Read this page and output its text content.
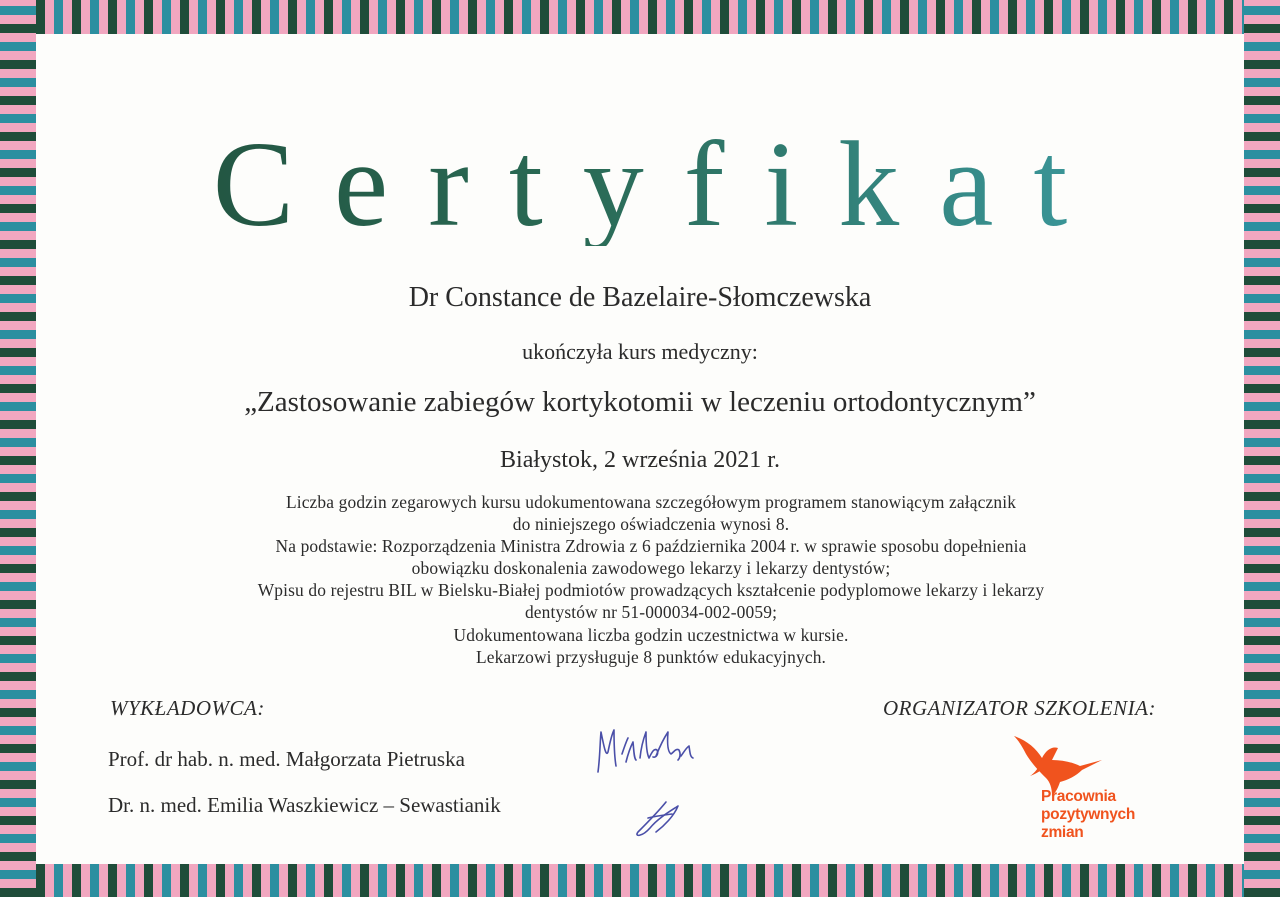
Certyfikat
Dr Constance de Bazelaire-Słomczewska
ukończyła kurs medyczny:
„Zastosowanie zabiegów kortykotomii w leczeniu ortodontycznym”
Białystok, 2 września 2021 r.
Liczba godzin zegarowych kursu udokumentowana szczegółowym programem stanowiącym załącznik
do niniejszego oświadczenia wynosi 8.
Na podstawie: Rozporządzenia Ministra Zdrowia z 6 października 2004 r. w sprawie sposobu dopełnienia
obowiązku doskonalenia zawodowego lekarzy i lekarzy dentystów;
Wpisu do rejestru BIL w Bielsku-Białej podmiotów prowadzących kształcenie podyplomowe lekarzy i lekarzy
dentystów nr 51-000034-002-0059;
Udokumentowana liczba godzin uczestnictwa w kursie.
Lekarzowi przysługuje 8 punktów edukacyjnych.
WYKŁADOWCA:	ORGANIZATOR SZKOLENIA:
Prof. dr hab. n. med. Małgorzata Pietruska
Dr. n. med. Emilia Waszkiewicz – Sewastianik	Pracownia
pozytywnych
zmian
